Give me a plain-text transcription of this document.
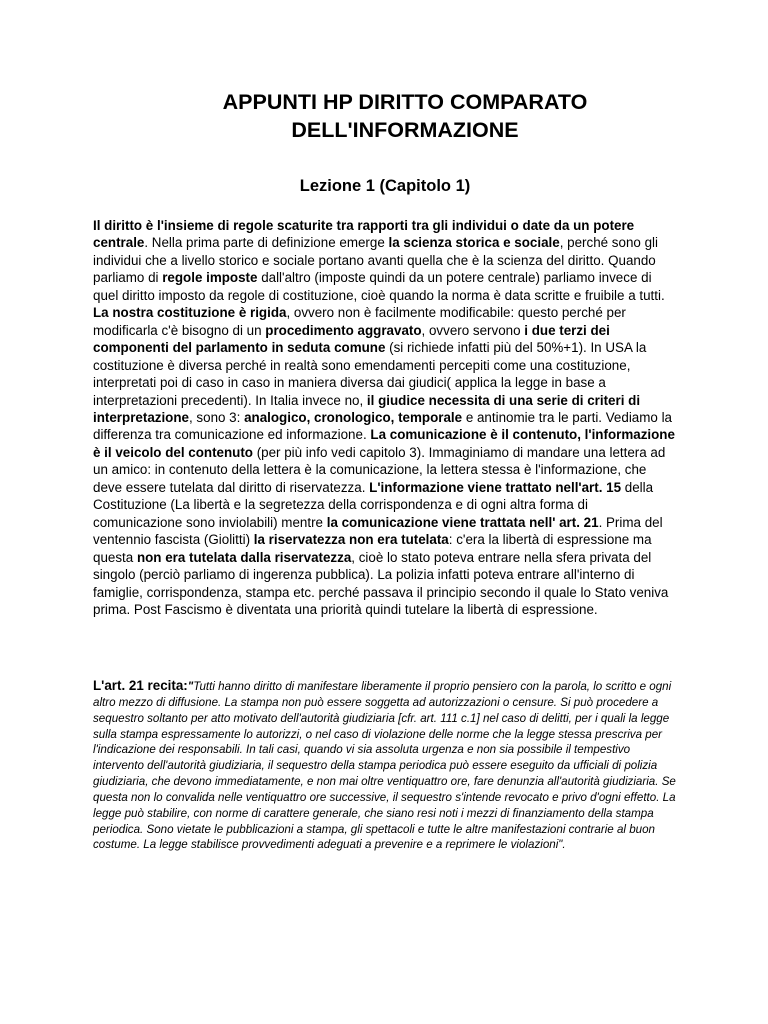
APPUNTI HP DIRITTO COMPARATO DELL'INFORMAZIONE
Lezione 1 (Capitolo 1)
Il diritto è l'insieme di regole scaturite tra rapporti tra gli individui o date da un potere centrale. Nella prima parte di definizione emerge la scienza storica e sociale, perché sono gli individui che a livello storico e sociale portano avanti quella che è la scienza del diritto. Quando parliamo di regole imposte dall'altro (imposte quindi da un potere centrale) parliamo invece di quel diritto imposto da regole di costituzione, cioè quando la norma è data scritte e fruibile a tutti. La nostra costituzione è rigida, ovvero non è facilmente modificabile: questo perché per modificarla c'è bisogno di un procedimento aggravato, ovvero servono i due terzi dei componenti del parlamento in seduta comune (si richiede infatti più del 50%+1). In USA la costituzione è diversa perché in realtà sono emendamenti percepiti come una costituzione, interpretati poi di caso in caso in maniera diversa dai giudici( applica la legge in base a interpretazioni precedenti). In Italia invece no, il giudice necessita di una serie di criteri di interpretazione, sono 3: analogico, cronologico, temporale e antinomie tra le parti. Vediamo la differenza tra comunicazione ed informazione. La comunicazione è il contenuto, l'informazione è il veicolo del contenuto (per più info vedi capitolo 3). Immaginiamo di mandare una lettera ad un amico: in contenuto della lettera è la comunicazione, la lettera stessa è l'informazione, che deve essere tutelata dal diritto di riservatezza. L'informazione viene trattato nell'art. 15 della Costituzione (La libertà e la segretezza della corrispondenza e di ogni altra forma di comunicazione sono inviolabili) mentre la comunicazione viene trattata nell' art. 21. Prima del ventennio fascista (Giolitti) la riservatezza non era tutelata: c'era la libertà di espressione ma questa non era tutelata dalla riservatezza, cioè lo stato poteva entrare nella sfera privata del singolo (perciò parliamo di ingerenza pubblica). La polizia infatti poteva entrare all'interno di famiglie, corrispondenza, stampa etc. perché passava il principio secondo il quale lo Stato veniva prima. Post Fascismo è diventata una priorità quindi tutelare la libertà di espressione.
L'art. 21 recita:"Tutti hanno diritto di manifestare liberamente il proprio pensiero con la parola, lo scritto e ogni altro mezzo di diffusione. La stampa non può essere soggetta ad autorizzazioni o censure. Si può procedere a sequestro soltanto per atto motivato dell'autorità giudiziaria [cfr. art. 111 c.1] nel caso di delitti, per i quali la legge sulla stampa espressamente lo autorizzi, o nel caso di violazione delle norme che la legge stessa prescriva per l'indicazione dei responsabili. In tali casi, quando vi sia assoluta urgenza e non sia possibile il tempestivo intervento dell'autorità giudiziaria, il sequestro della stampa periodica può essere eseguito da ufficiali di polizia giudiziaria, che devono immediatamente, e non mai oltre ventiquattro ore, fare denunzia all'autorità giudiziaria. Se questa non lo convalida nelle ventiquattro ore successive, il sequestro s'intende revocato e privo d'ogni effetto. La legge può stabilire, con norme di carattere generale, che siano resi noti i mezzi di finanziamento della stampa periodica. Sono vietate le pubblicazioni a stampa, gli spettacoli e tutte le altre manifestazioni contrarie al buon costume. La legge stabilisce provvedimenti adeguati a prevenire e a reprimere le violazioni".
